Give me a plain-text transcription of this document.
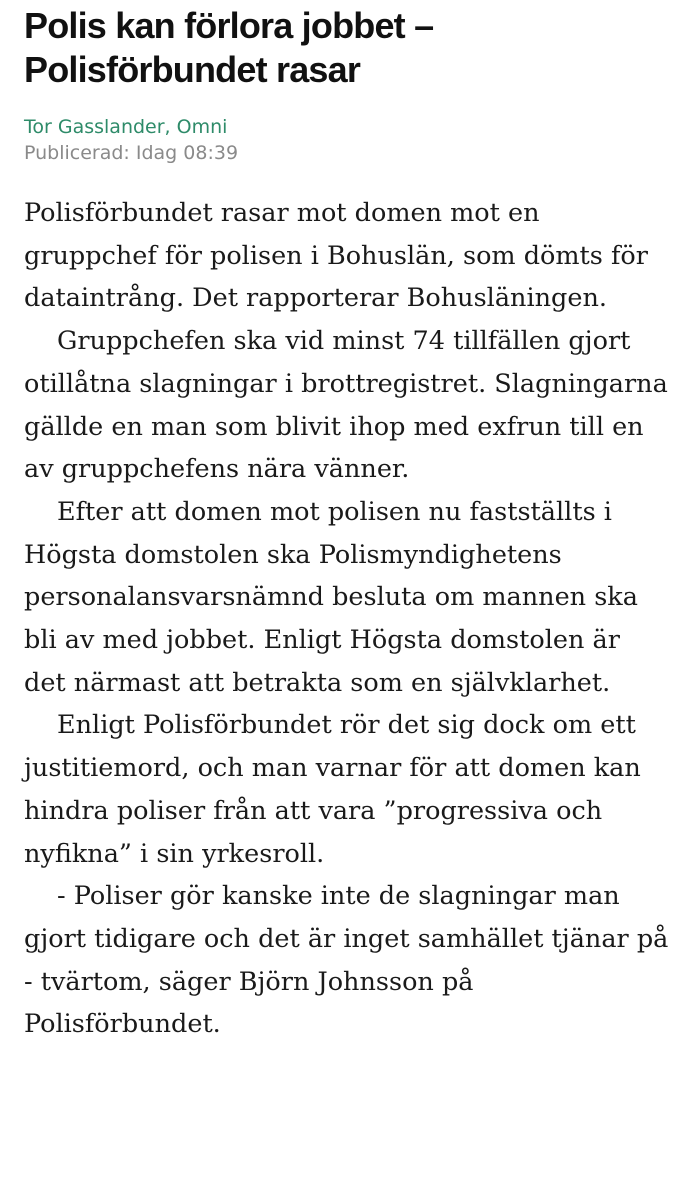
Polis kan förlora jobbet –
Polisförbundet rasar
Tor Gasslander, Omni
Publicerad: Idag 08:39

Polisförbundet rasar mot domen mot en gruppchef för polisen i Bohuslän, som dömts för dataintrång. Det rapporterar Bohusläningen.

Gruppchefen ska vid minst 74 tillfällen gjort otillåtna slagningar i brottregistret. Slagningarna gällde en man som blivit ihop med exfrun till en av gruppchefens nära vänner.

Efter att domen mot polisen nu fastställts i Högsta domstolen ska Polismyndighetens personalansvarsnämnd besluta om mannen ska bli av med jobbet. Enligt Högsta domstolen är det närmast att betrakta som en självklarhet.

Enligt Polisförbundet rör det sig dock om ett justitiemord, och man varnar för att domen kan hindra poliser från att vara ”progressiva och nyfikna” i sin yrkesroll.

- Poliser gör kanske inte de slagningar man gjort tidigare och det är inget samhället tjänar på - tvärtom, säger Björn Johnsson på Polisförbundet.
